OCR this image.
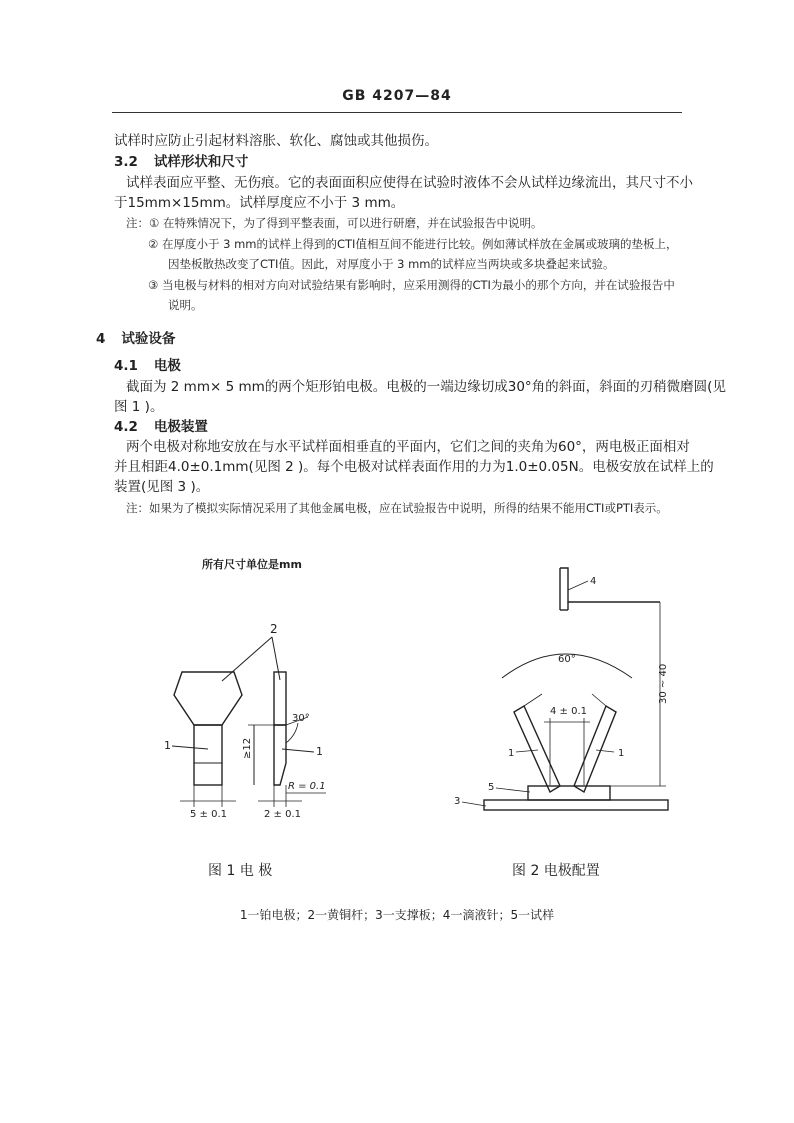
GB 4207—84
试样时应防止引起材料溶胀、软化、腐蚀或其他损伤。
3.2 试样形状和尺寸
试样表面应平整、无伤痕。它的表面面积应使得在试验时液体不会从试样边缘流出，其尺寸不小
于15mm×15mm。试样厚度应不小于 3 mm。
注：① 在特殊情况下，为了得到平整表面，可以进行研磨，并在试验报告中说明。
② 在厚度小于 3 mm的试样上得到的CTI值相互间不能进行比较。例如薄试样放在金属或玻璃的垫板上，
因垫板散热改变了CTI值。因此，对厚度小于 3 mm的试样应当两块或多块叠起来试验。
③ 当电极与材料的相对方向对试验结果有影响时，应采用测得的CTI为最小的那个方向，并在试验报告中
说明。
4 试验设备
4.1 电极
截面为 2 mm× 5 mm的两个矩形铂电极。电极的一端边缘切成30°角的斜面，斜面的刃稍微磨圆(见
图 1 )。
4.2 电极装置
两个电极对称地安放在与水平试样面相垂直的平面内，它们之间的夹角为60°，两电极正面相对
并且相距4.0±0.1mm(见图 2 )。每个电极对试样表面作用的力为1.0±0.05N。电极安放在试样上的
装置(见图 3 )。
注：如果为了模拟实际情况采用了其他金属电极，应在试验报告中说明，所得的结果不能用CTI或PTI表示。
所有尺寸单位是mm
2
1	1
≥12
30°
R = 0.1
5 ± 0.1	2 ± 0.1
4
60°
4 ± 0.1
1	1
5
3
30 ~ 40
图 1 电 极	图 2 电极配置
1一铂电极；2一黄铜杆；3一支撑板；4一滴液针；5一试样
